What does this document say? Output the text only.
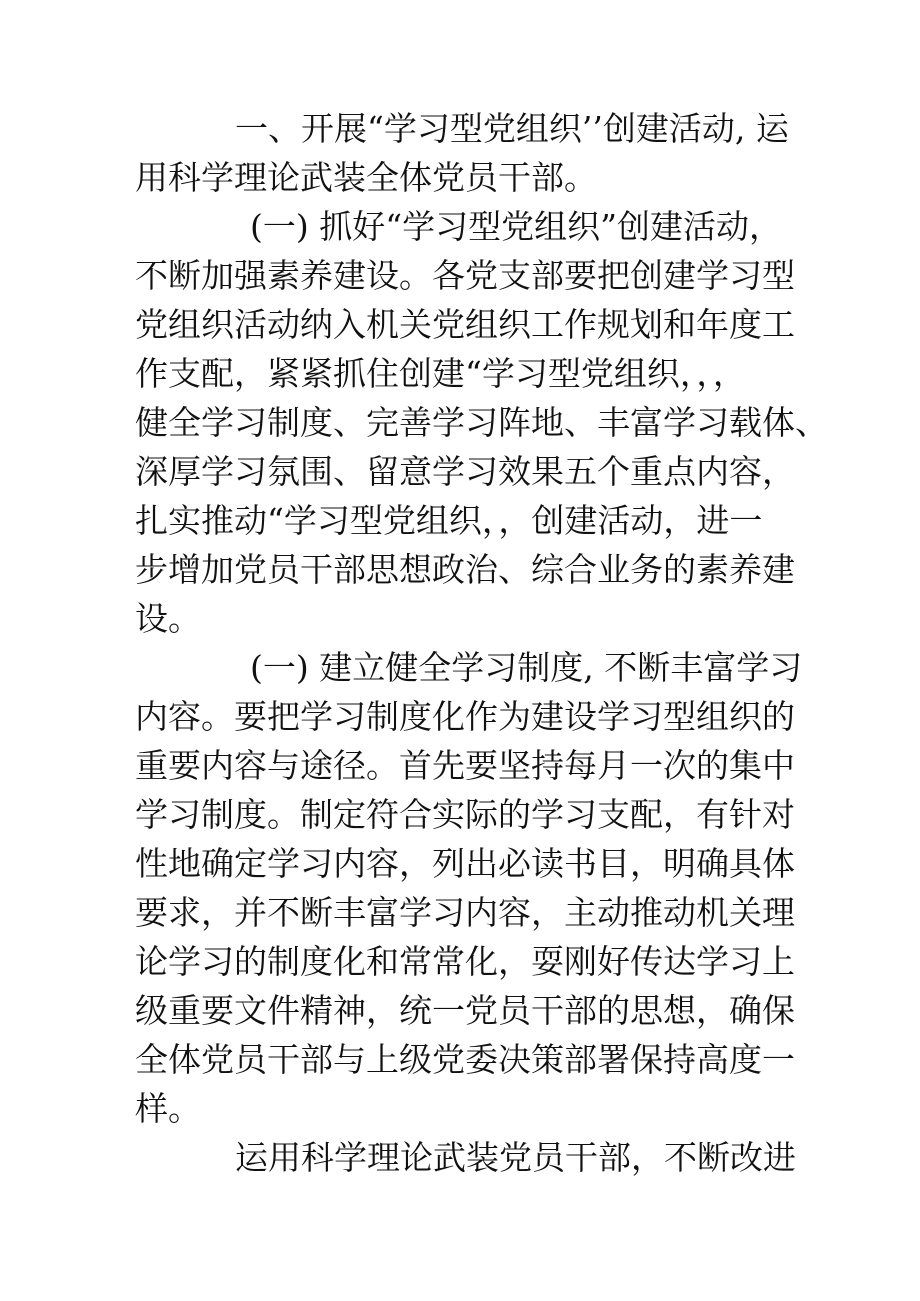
一、开展“学习型党组织’’创建活动, 运
用科学理论武装全体党员干部。
(一) 抓好“学习型党组织”创建活动，
不断加强素养建设。各党支部要把创建学习型
党组织活动纳入机关党组织工作规划和年度工
作支配，紧紧抓住创建“学习型党组织，，，
健全学习制度、完善学习阵地、丰富学习载体、
深厚学习氛围、留意学习效果五个重点内容，
扎实推动“学习型党组织，，创建活动，进一
步增加党员干部思想政治、综合业务的素养建
设。
(一) 建立健全学习制度, 不断丰富学习
内容。要把学习制度化作为建设学习型组织的
重要内容与途径。首先要坚持每月一次的集中
学习制度。制定符合实际的学习支配，有针对
性地确定学习内容，列出必读书目，明确具体
要求，并不断丰富学习内容，主动推动机关理
论学习的制度化和常常化，耍刚好传达学习上
级重要文件精神，统一党员干部的思想，确保
全体党员干部与上级党委决策部署保持高度一
样。
运用科学理论武装党员干部，不断改进
